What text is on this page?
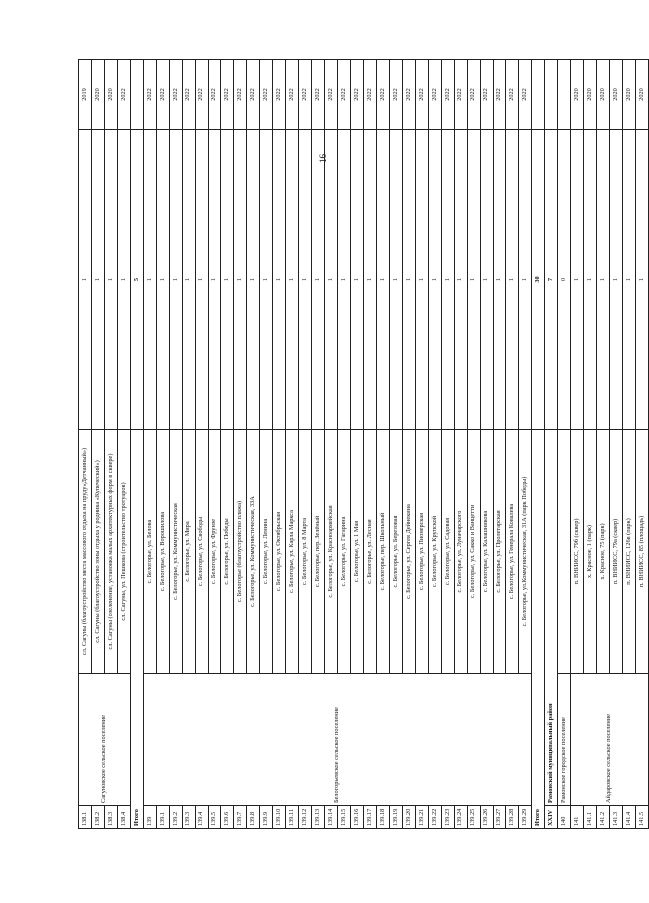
16
138.1	Сагуновское сельское поселение	сл. Сагуны (благоустройство места массового отдыха на пруду«Детчанный»)	1	2019
138.2		сл. Сагуны (благоустройство зоны отдыха у родника «Купеческий»)	1	2020
138.3		сл. Сагуны (озеленение, установка малых архитектурных форм в сквере)	1	2020
138.4		сл. Сагуны, ул. Пешкова (строительство тротуаров)	1	2022
Итого			5	
139	Белогорьевское сельское поселение	с. Белогорье, ул. Белова	1	2022
139.1		с. Белогорье, ул. Ворошилова	1	2022
139.2		с. Белогорье, ул. Коммунистическая	1	2022
139.3		с. Белогорье, ул. Мира	1	2022
139.4		с. Белогорье, ул. Свободы	1	2022
139.5		с. Белогорье, ул. Фрунзе	1	2022
139.6		с. Белогорье, ул. Победы	1	2022
139.7		с. Белогорье (благоустройство пляжа)	1	2022
139.8		с. Белогорье, ул. Коммунистическая, 33А	1	2022
139.9		с. Белогорье, ул. Ленина	1	2022
139.10		с. Белогорье, ул. Октябрьская	1	2022
139.11		с. Белогорье, ул. Карла Маркса	1	2022
139.12		с. Белогорье, ул. 8 Марта	1	2022
139.13		с. Белогорье, пер. Зелёный	1	2022
139.14		с. Белогорье, ул. Красноармейская	1	2022
139.15		с. Белогорье, ул. Гагарина	1	2022
139.16		с. Белогорье, ул. 1 Мая	1	2022
139.17		с. Белогорье, ул. Лесная	1	2022
139.18		с. Белогорье, пер. Школьный	1	2022
139.19		с. Белогорье, ул. Березовая	1	2022
139.20		с. Белогорье, ул. Сергея Дейнекина	1	2022
139.21		с. Белогорье, ул. Пионерская	1	2022
139.22		с. Белогорье, ул. Крупской	1	2022
139.23		с. Белогорье, ул. Садовая	1	2022
139.24		с. Белогорье, ул. Луначарского	1	2022
139.25		с. Белогорье, ул. Сакко и Ванцетти	1	2022
139.26		с. Белогорье, ул. Калашникова	1	2022
139.27		с. Белогорье, ул. Пролетарская	1	2022
139.28		с. Белогорье, ул. Генерала Ковалева	1	2022
139.29		с. Белогорье, ул.Коммунистическая, 31А (парк Победы)	1	2022
Итого			30	
XXIV	Рамонский муниципальный район		7	
140	Рамонское городское поселение		0	
141	Айдаровское сельское поселение	п. ВНИИСС, 79б (сквер)	1	2020
141.1		х. Красное, 1 (парк)	1	2020
141.2		х. Красное, 75 (парк)	1	2020
141.3		п. ВНИИСС, 79а (сквер)	1	2020
141.4		п. ВНИИСС, 126в (парк)	1	2020
141.5		п. ВНИИСС, 85 (площадь)	1	2020
